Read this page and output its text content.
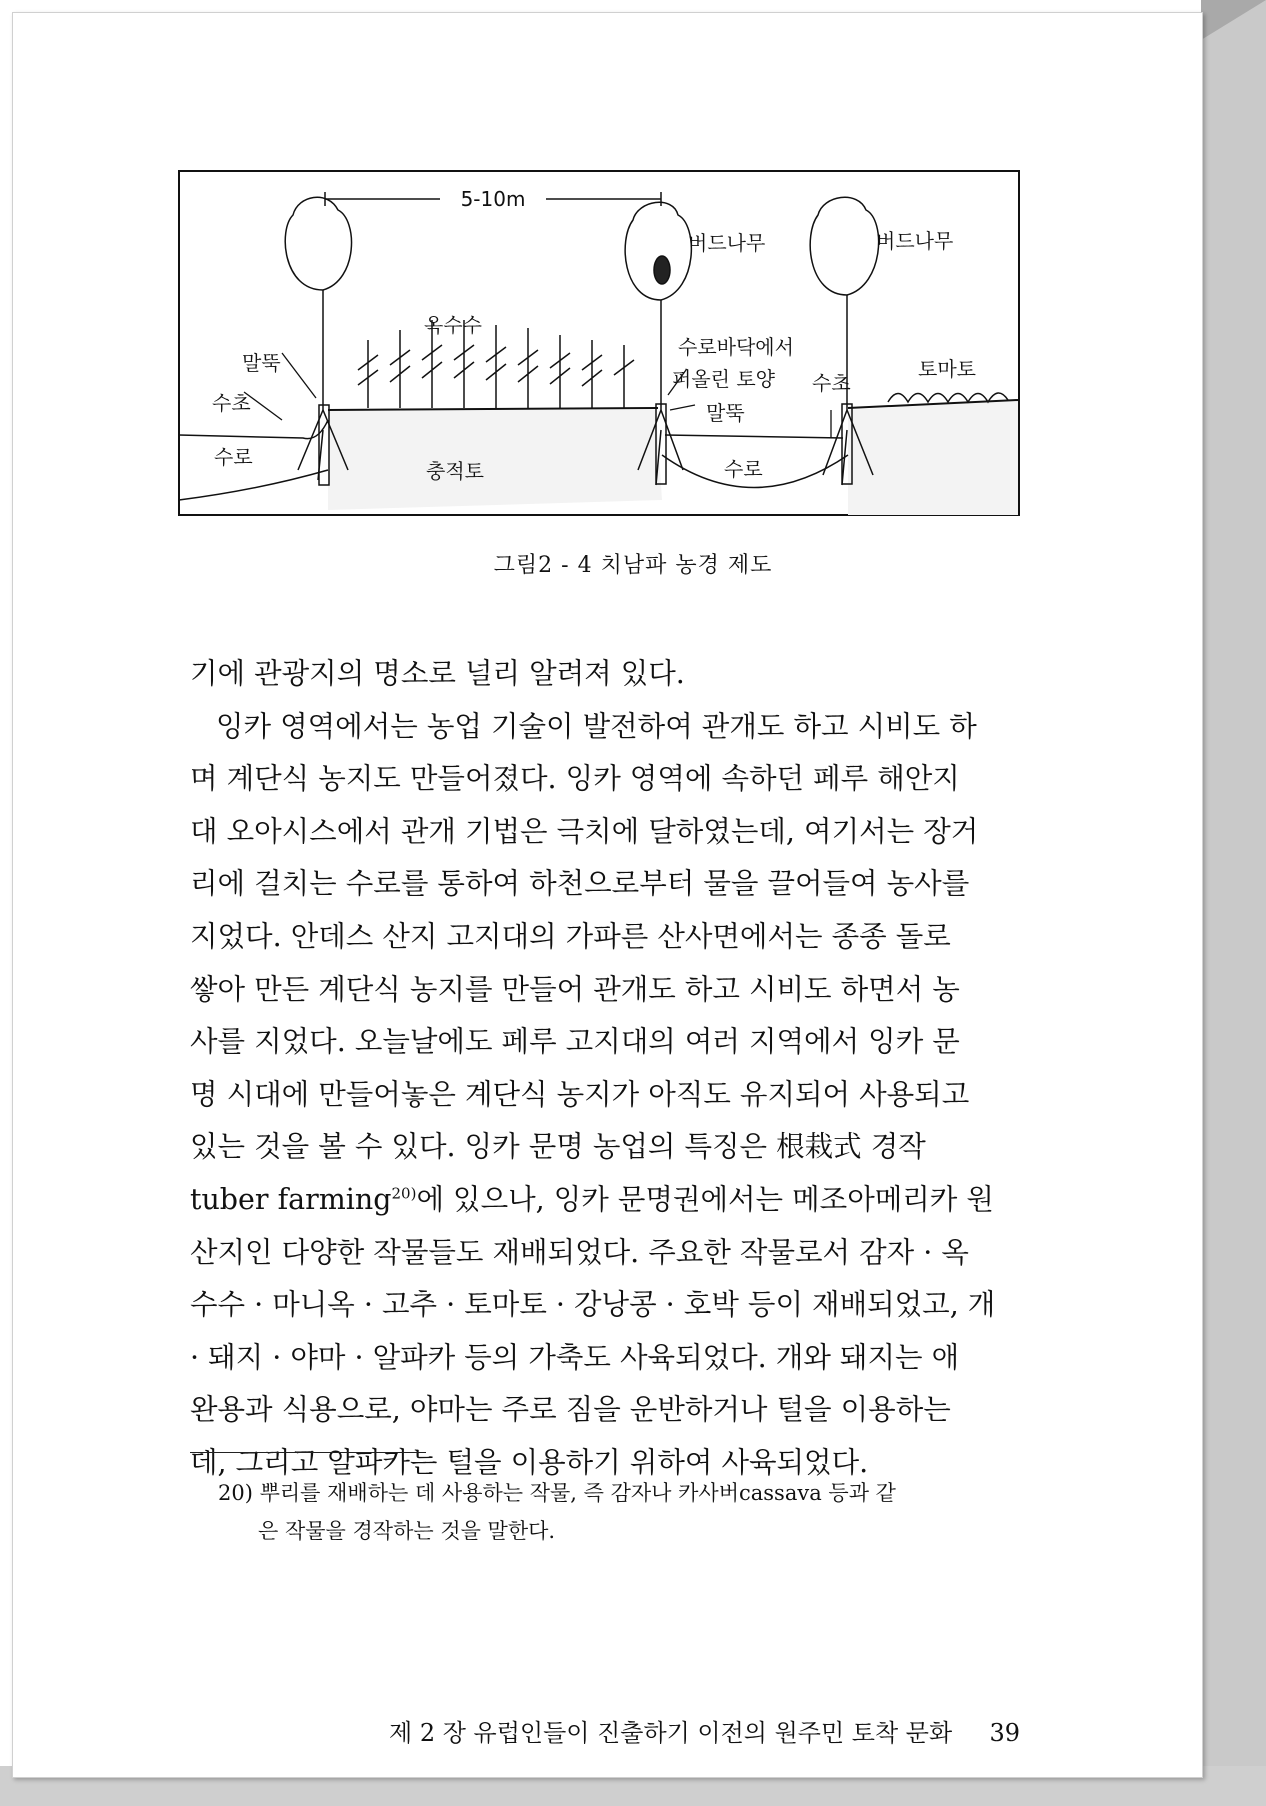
5-10m
버드나무	버드나무
옥수수
말뚝
말뚝
수초
수초
수로	수로
충적토
수로바닥에서
퍼올린 토양	토마토
그림2 - 4 치남파 농경 제도
기에 관광지의 명소로 널리 알려져 있다.
잉카 영역에서는 농업 기술이 발전하여 관개도 하고 시비도 하
며 계단식 농지도 만들어졌다. 잉카 영역에 속하던 페루 해안지
대 오아시스에서 관개 기법은 극치에 달하였는데, 여기서는 장거
리에 걸치는 수로를 통하여 하천으로부터 물을 끌어들여 농사를
지었다. 안데스 산지 고지대의 가파른 산사면에서는 종종 돌로
쌓아 만든 계단식 농지를 만들어 관개도 하고 시비도 하면서 농
사를 지었다. 오늘날에도 페루 고지대의 여러 지역에서 잉카 문
명 시대에 만들어놓은 계단식 농지가 아직도 유지되어 사용되고
있는 것을 볼 수 있다. 잉카 문명 농업의 특징은 根栽式 경작
tuber farming$^{20)}$에 있으나, 잉카 문명권에서는 메조아메리카 원
산지인 다양한 작물들도 재배되었다. 주요한 작물로서 감자 · 옥
수수 · 마니옥 · 고추 · 토마토 · 강낭콩 · 호박 등이 재배되었고, 개
· 돼지 · 야마 · 알파카 등의 가축도 사육되었다. 개와 돼지는 애
완용과 식용으로, 야마는 주로 짐을 운반하거나 털을 이용하는
데, 그리고 알파카는 털을 이용하기 위하여 사육되었다.
20) 뿌리를 재배하는 데 사용하는 작물, 즉 감자나 카사버cassava 등과 같
은 작물을 경작하는 것을 말한다.
제 2 장 유럽인들이 진출하기 이전의 원주민 토착 문화 39
